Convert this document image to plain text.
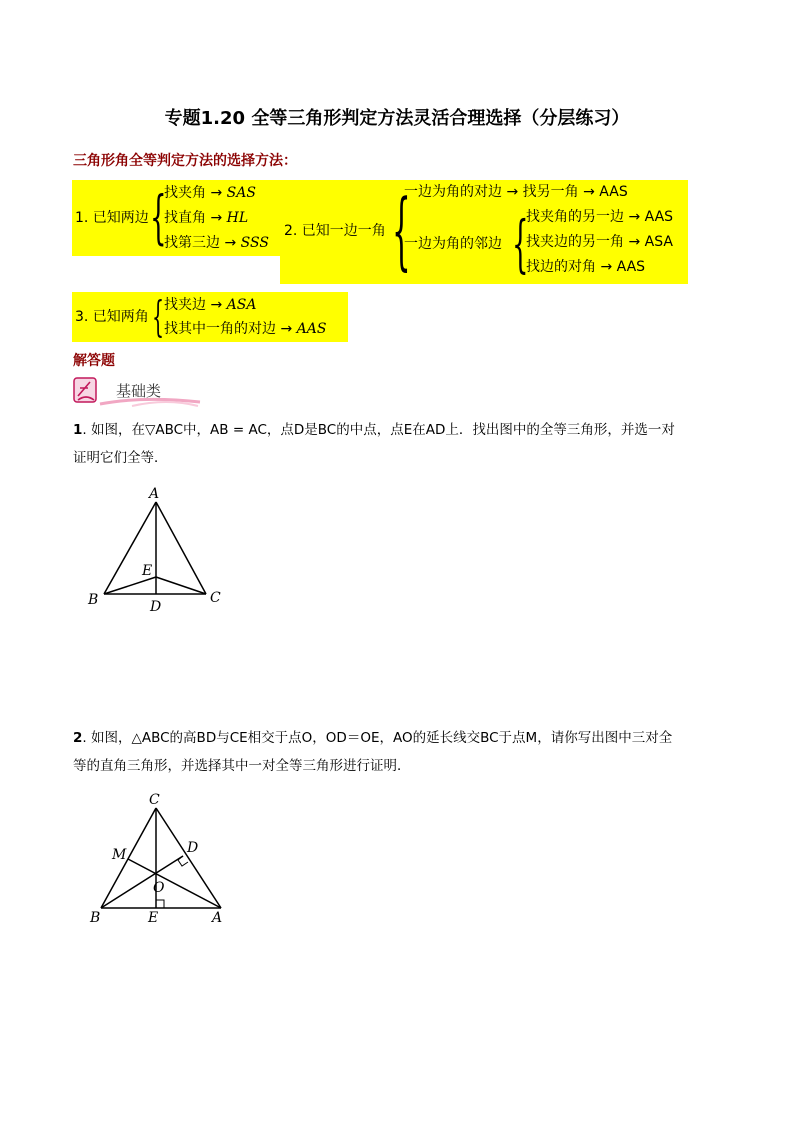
专题1.20 全等三角形判定方法灵活合理选择（分层练习）
三角形角全等判定方法的选择方法：
1. 已知两边 {
找夹角 → SAS
找直角 → HL
找第三边 → SSS
2. 已知一边一角 {
一边为角的对边 → 找另一角 → AAS
一边为角的邻边 {
找夹角的另一边 → AAS
找夹边的另一角 → ASA
找边的对角 → AAS
3. 已知两角 { 找夹边 → ASA
找其中一角的对边 → AAS
解答题
基础类
1. 如图，在▽ABC中，AB = AC，点D是BC的中点，点E在AD上．找出图中的全等三角形，并选一对
证明它们全等．
A
B	C
D
E
2. 如图，△ABC的高BD与CE相交于点O，OD＝OE，AO的延长线交BC于点M，请你写出图中三对全
等的直角三角形，并选择其中一对全等三角形进行证明．
C
M	D
O
B	E	A
